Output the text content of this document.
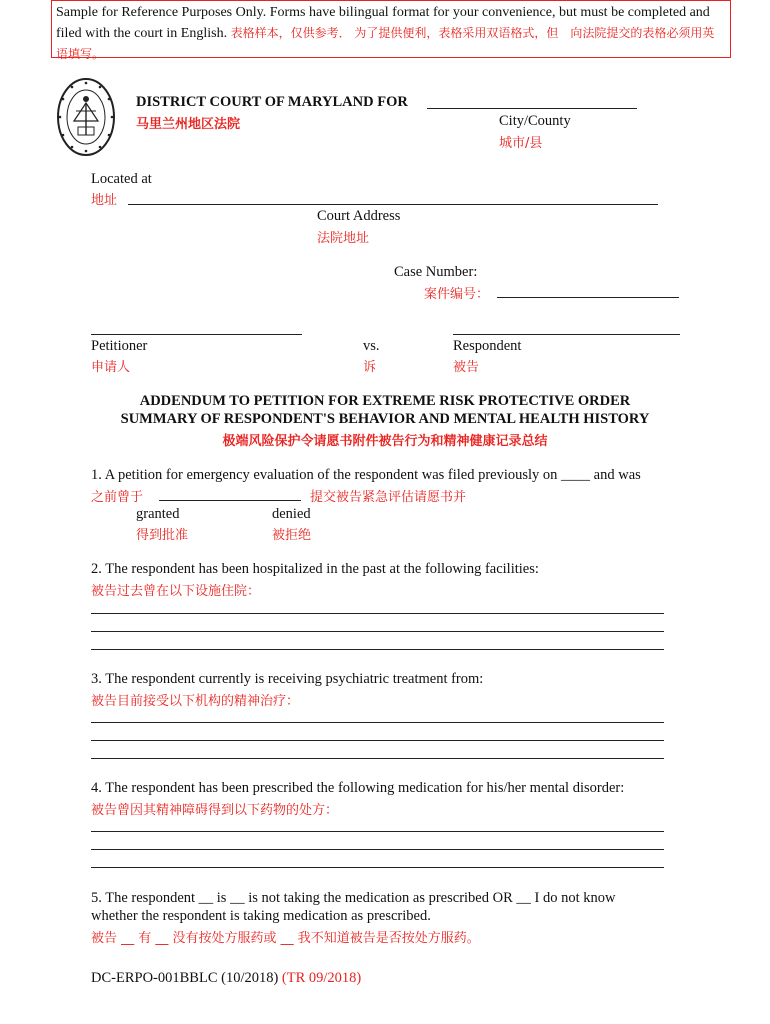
Sample for Reference Purposes Only. Forms have bilingual format for your convenience, but must be completed and filed with the court in English. 表格样本，仅供参考． 为了提供便利，表格采用双语格式，但　向法院提交的表格必须用英语填写。
DISTRICT COURT OF MARYLAND FOR
马里兰州地区法院	City/County
城市/县
Located at
地址
Court Address
法院地址
Case Number:
案件编号：
Petitioner
申请人
vs.
诉
Respondent
被告
ADDENDUM TO PETITION FOR EXTREME RISK PROTECTIVE ORDER
SUMMARY OF RESPONDENT'S BEHAVIOR AND MENTAL HEALTH HISTORY
极端风险保护令请愿书附件被告行为和精神健康记录总结
1. A petition for emergency evaluation of the respondent was filed previously on ____ and was
之前曾于	提交被告紧急评估请愿书并
granted
得到批准
denied
被拒绝
2. The respondent has been hospitalized in the past at the following facilities:
被告过去曾在以下设施住院：
3. The respondent currently is receiving psychiatric treatment from:
被告目前接受以下机构的精神治疗：
4. The respondent has been prescribed the following medication for his/her mental disorder:
被告曾因其精神障碍得到以下药物的处方：
5. The respondent __ is __ is not taking the medication as prescribed OR __ I do not know
whether the respondent is taking medication as prescribed.
被告 __ 有 __ 没有按处方服药或 __ 我不知道被告是否按处方服药。
DC-ERPO-001BBLC (10/2018) (TR 09/2018)
